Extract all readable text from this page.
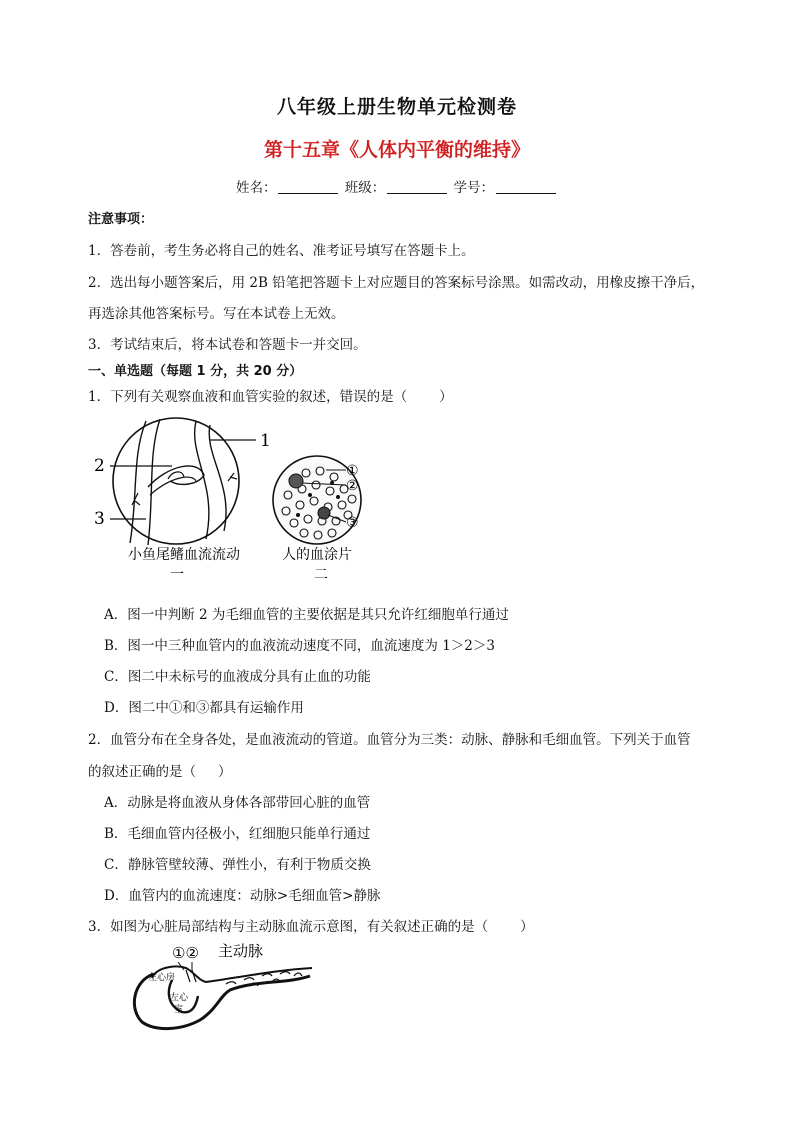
八年级上册生物单元检测卷
第十五章《人体内平衡的维持》
姓名：	班级：	学号：
注意事项：
1．答卷前，考生务必将自己的姓名、准考证号填写在答题卡上。
2．选出每小题答案后，用 2B 铅笔把答题卡上对应题目的答案标号涂黑。如需改动，用橡皮擦干净后，
再选涂其他答案标号。写在本试卷上无效。
3．考试结束后，将本试卷和答题卡一并交回。
一、单选题（每题 1 分，共 20 分）
1．下列有关观察血液和血管实验的叙述，错误的是（ ）
1
2
3
小鱼尾鳍血流流动
一
①
②
③
人的血涂片
二
A．图一中判断 2 为毛细血管的主要依据是其只允许红细胞单行通过
B．图一中三种血管内的血液流动速度不同，血流速度为 1＞2＞3
C．图二中未标号的血液成分具有止血的功能
D．图二中①和③都具有运输作用
2．血管分布在全身各处，是血液流动的管道。血管分为三类：动脉、静脉和毛细血管。下列关于血管
的叙述正确的是（ ）
A．动脉是将血液从身体各部带回心脏的血管
B．毛细血管内径极小，红细胞只能单行通过
C．静脉管壁较薄、弹性小，有利于物质交换
D．血管内的血流速度：动脉>毛细血管>静脉
3．如图为心脏局部结构与主动脉血流示意图，有关叙述正确的是（ ）
①② 主动脉
左心房
左心
室
